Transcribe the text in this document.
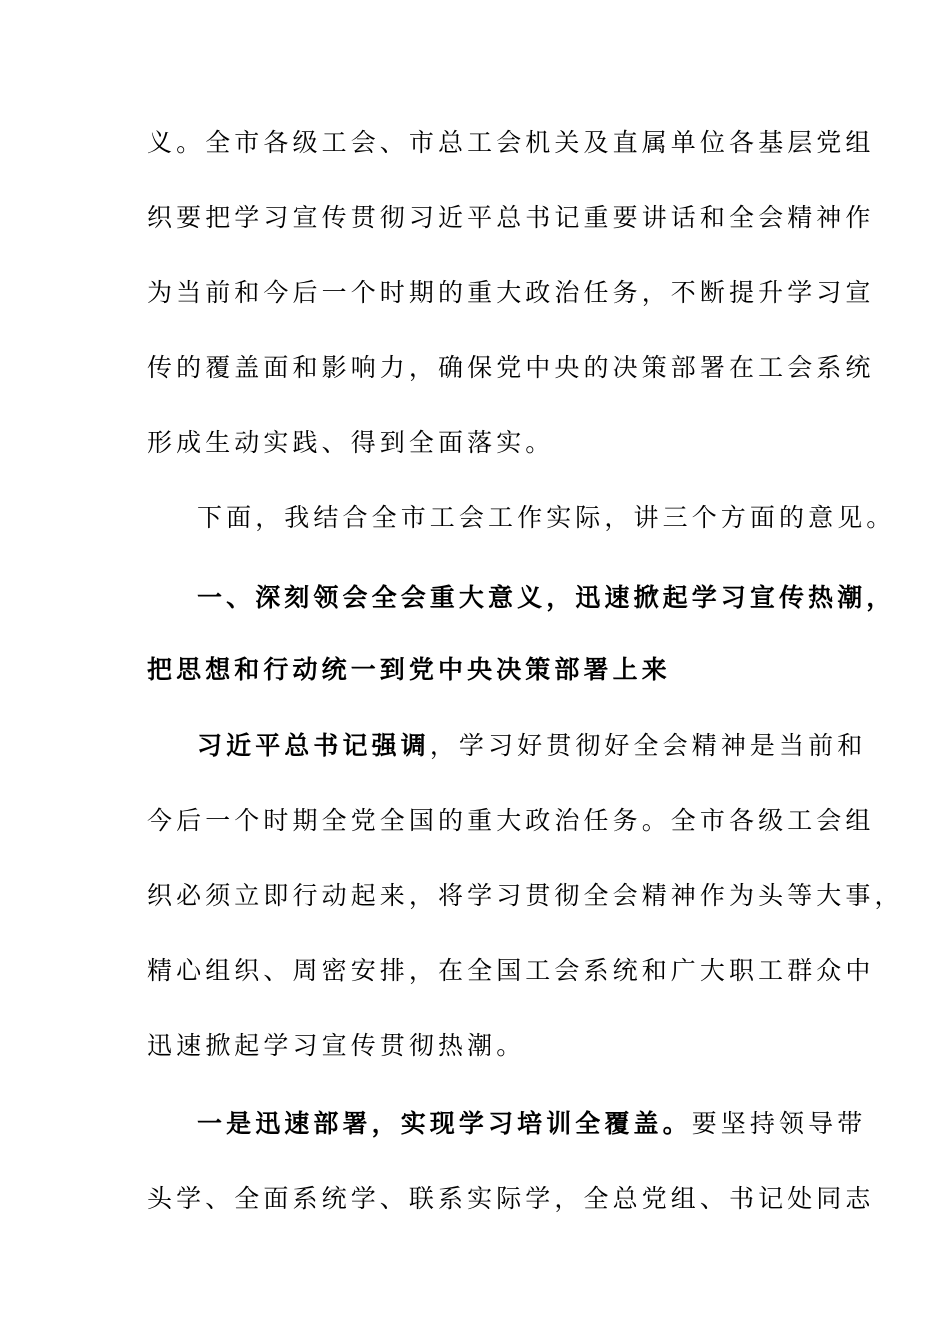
义。全市各级工会、市总工会机关及直属单位各基层党组
织要把学习宣传贯彻习近平总书记重要讲话和全会精神作
为当前和今后一个时期的重大政治任务，不断提升学习宣
传的覆盖面和影响力，确保党中央的决策部署在工会系统
形成生动实践、得到全面落实。
下面，我结合全市工会工作实际，讲三个方面的意见。
一、深刻领会全会重大意义，迅速掀起学习宣传热潮，
把思想和行动统一到党中央决策部署上来
习近平总书记强调，学习好贯彻好全会精神是当前和
今后一个时期全党全国的重大政治任务。全市各级工会组
织必须立即行动起来，将学习贯彻全会精神作为头等大事，
精心组织、周密安排，在全国工会系统和广大职工群众中
迅速掀起学习宣传贯彻热潮。
一是迅速部署，实现学习培训全覆盖。要坚持领导带
头学、全面系统学、联系实际学，全总党组、书记处同志
